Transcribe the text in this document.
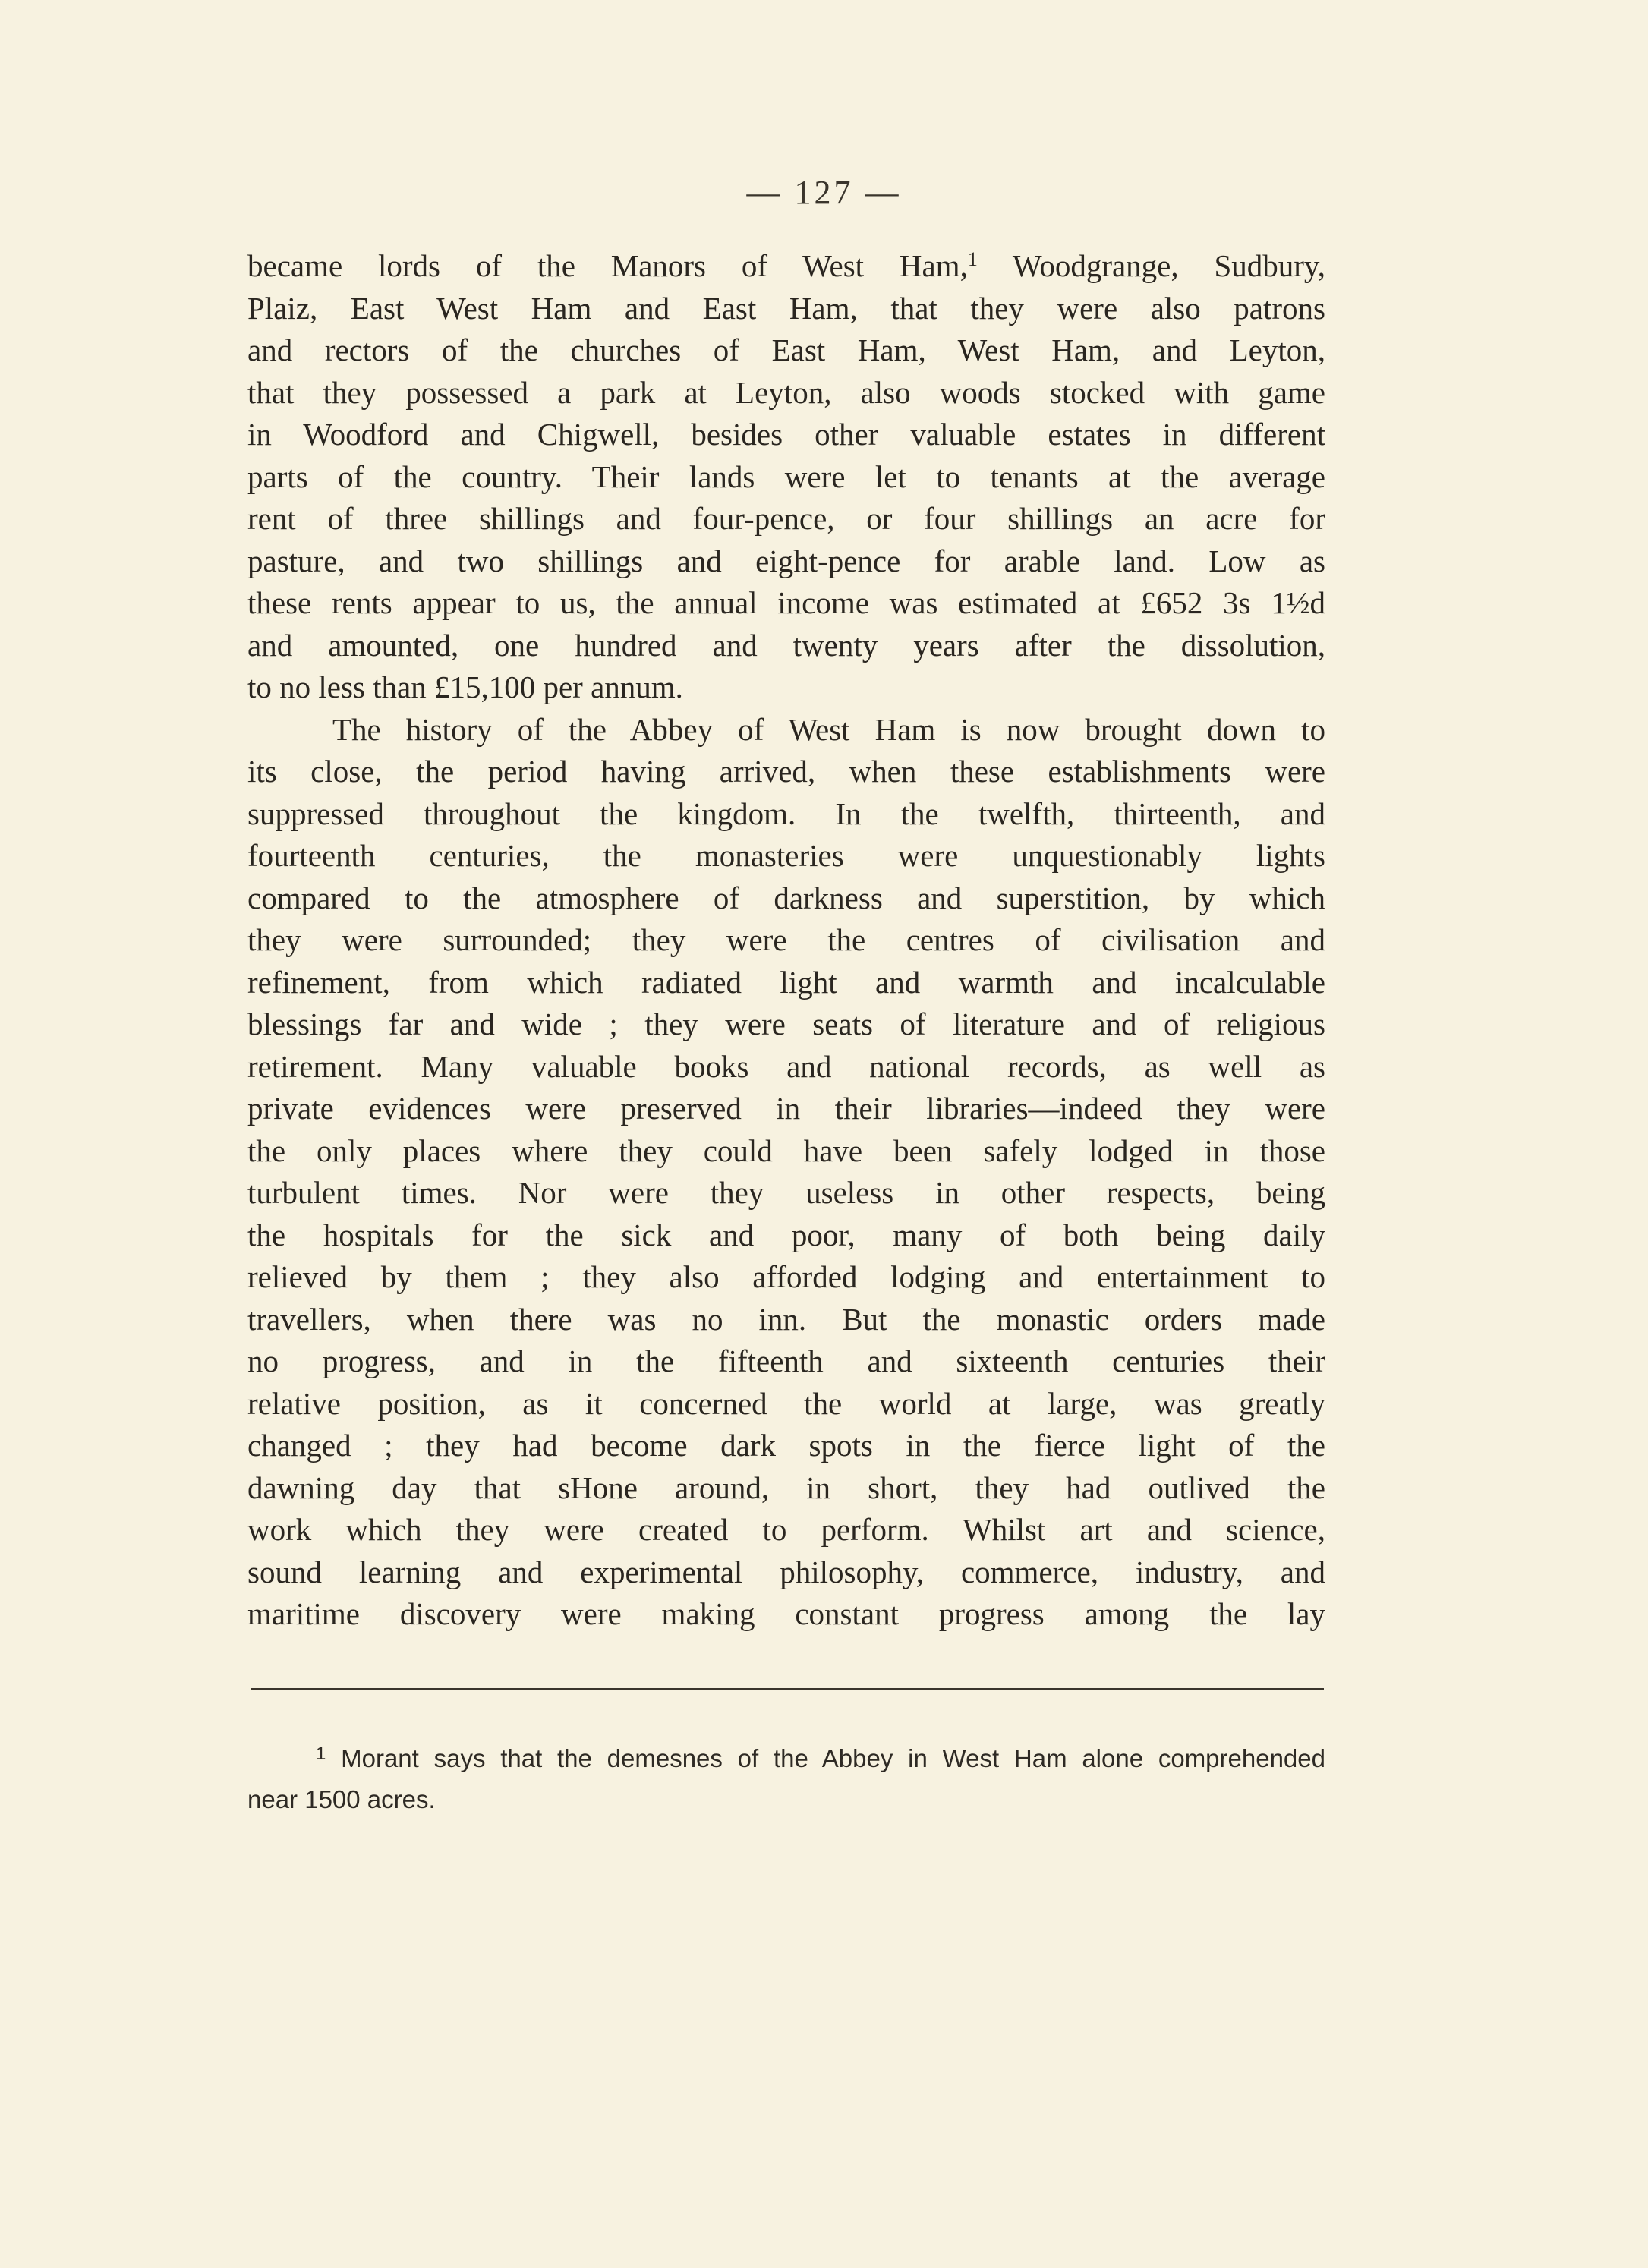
— 127 —
became lords of the Manors of West Ham,$^1$ Woodgrange, Sudbury,
Plaiz, East West Ham and East Ham, that they were also patrons
and rectors of the churches of East Ham, West Ham, and Leyton,
that they possessed a park at Leyton, also woods stocked with game
in Woodford and Chigwell, besides other valuable estates in different
parts of the country. Their lands were let to tenants at the average
rent of three shillings and four-pence, or four shillings an acre for
pasture, and two shillings and eight-pence for arable land. Low as
these rents appear to us, the annual income was estimated at £652 3s 1½d
and amounted, one hundred and twenty years after the dissolution,
to no less than £15,100 per annum.
The history of the Abbey of West Ham is now brought down to
its close, the period having arrived, when these establishments were
suppressed throughout the kingdom. In the twelfth, thirteenth, and
fourteenth centuries, the monasteries were unquestionably lights
compared to the atmosphere of darkness and superstition, by which
they were surrounded; they were the centres of civilisation and
refinement, from which radiated light and warmth and incalculable
blessings far and wide ; they were seats of literature and of religious
retirement. Many valuable books and national records, as well as
private evidences were preserved in their libraries—indeed they were
the only places where they could have been safely lodged in those
turbulent times. Nor were they useless in other respects, being
the hospitals for the sick and poor, many of both being daily
relieved by them ; they also afforded lodging and entertainment to
travellers, when there was no inn. But the monastic orders made
no progress, and in the fifteenth and sixteenth centuries their
relative position, as it concerned the world at large, was greatly
changed ; they had become dark spots in the fierce light of the
dawning day that sHone around, in short, they had outlived the
work which they were created to perform. Whilst art and science,
sound learning and experimental philosophy, commerce, industry, and
maritime discovery were making constant progress among the lay
$^1$ Morant says that the demesnes of the Abbey in West Ham alone comprehended
near 1500 acres.
